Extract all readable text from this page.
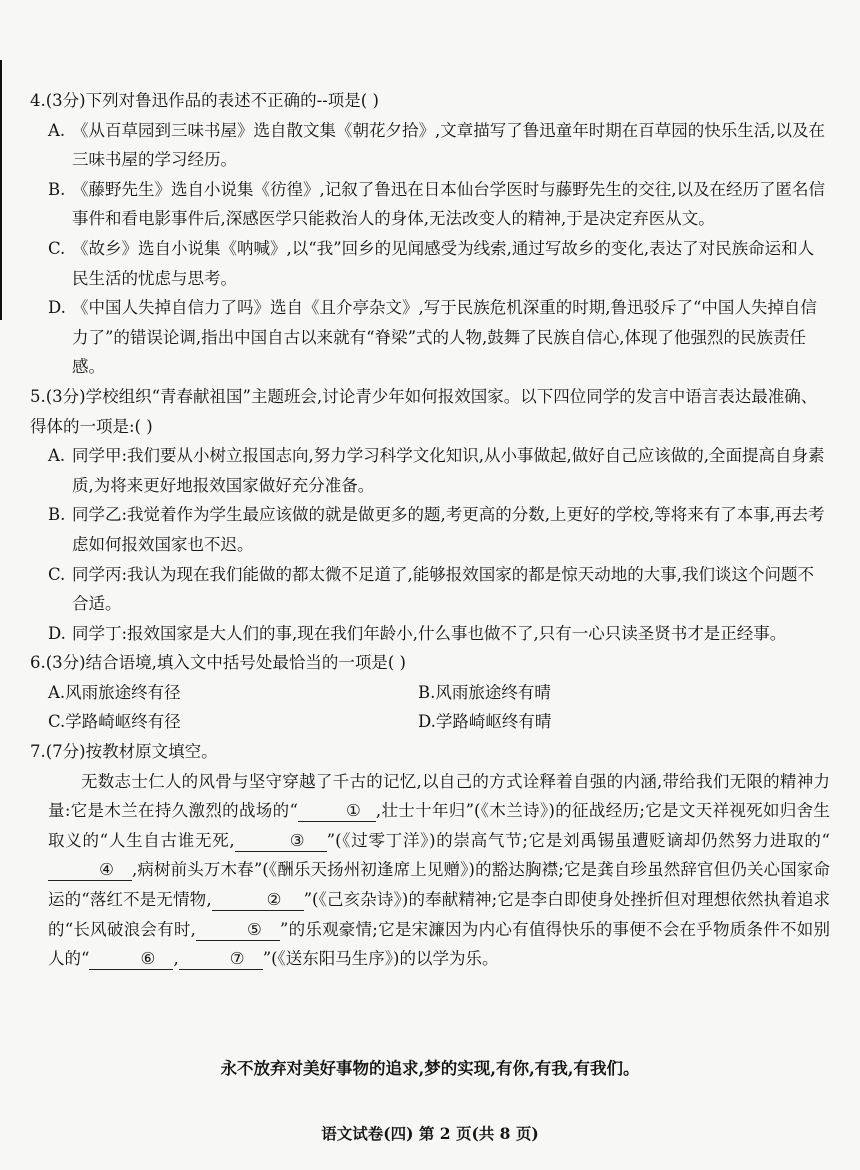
4.(3分)下列对鲁迅作品的表述不正确的--项是( )

A. 《从百草园到三味书屋》选自散文集《朝花夕拾》,文章描写了鲁迅童年时期在百草园的快乐生活,以及在三味书屋的学习经历。

B. 《藤野先生》选自小说集《彷徨》,记叙了鲁迅在日本仙台学医时与藤野先生的交往,以及在经历了匿名信事件和看电影事件后,深感医学只能救治人的身体,无法改变人的精神,于是决定弃医从文。

C. 《故乡》选自小说集《呐喊》,以“我”回乡的见闻感受为线索,通过写故乡的变化,表达了对民族命运和人民生活的忧虑与思考。

D. 《中国人失掉自信力了吗》选自《且介亭杂文》,写于民族危机深重的时期,鲁迅驳斥了“中国人失掉自信力了”的错误论调,指出中国自古以来就有“脊梁”式的人物,鼓舞了民族自信心,体现了他强烈的民族责任感。

5.(3分)学校组织“青春献祖国”主题班会,讨论青少年如何报效国家。以下四位同学的发言中语言表达最准确、得体的一项是:( )

A. 同学甲:我们要从小树立报国志向,努力学习科学文化知识,从小事做起,做好自己应该做的,全面提高自身素质,为将来更好地报效国家做好充分准备。

B. 同学乙:我觉着作为学生最应该做的就是做更多的题,考更高的分数,上更好的学校,等将来有了本事,再去考虑如何报效国家也不迟。

C. 同学丙:我认为现在我们能做的都太微不足道了,能够报效国家的都是惊天动地的大事,我们谈这个问题不合适。

D. 同学丁:报效国家是大人们的事,现在我们年龄小,什么事也做不了,只有一心只读圣贤书才是正经事。

6.(3分)结合语境,填入文中括号处最恰当的一项是( )

A.风雨旅途终有径	B.风雨旅途终有晴
C.学路崎岖终有径	D.学路崎岖终有晴

7.(7分)按教材原文填空。

无数志士仁人的风骨与坚守穿越了千古的记忆,以自己的方式诠释着自强的内涵,带给我们无限的精神力量:它是木兰在持久激烈的战场的“	① ,壮士十年归”(《木兰诗》)的征战经历;它是文天祥视死如归舍生取义的“人生自古谁无死,	③ ”(《过零丁洋》)的崇高气节;它是刘禹锡虽遭贬谪却仍然努力进取的“④ ,病树前头万木春”(《酬乐天扬州初逢席上见赠》)的豁达胸襟;它是龚自珍虽然辞官但仍关心国家命运的“落红不是无情物,	② ”(《己亥杂诗》)的奉献精神;它是李白即使身处挫折但对理想依然执着追求的“长风破浪会有时,	⑤ ”的乐观豪情;它是宋濂因为内心有值得快乐的事便不会在乎物质条件不如别人的“	⑥ ,	⑦ ”(《送东阳马生序》)的以学为乐。

永不放弃对美好事物的追求,梦的实现,有你,有我,有我们。
语文试卷(四) 第 2 页(共 8 页)
